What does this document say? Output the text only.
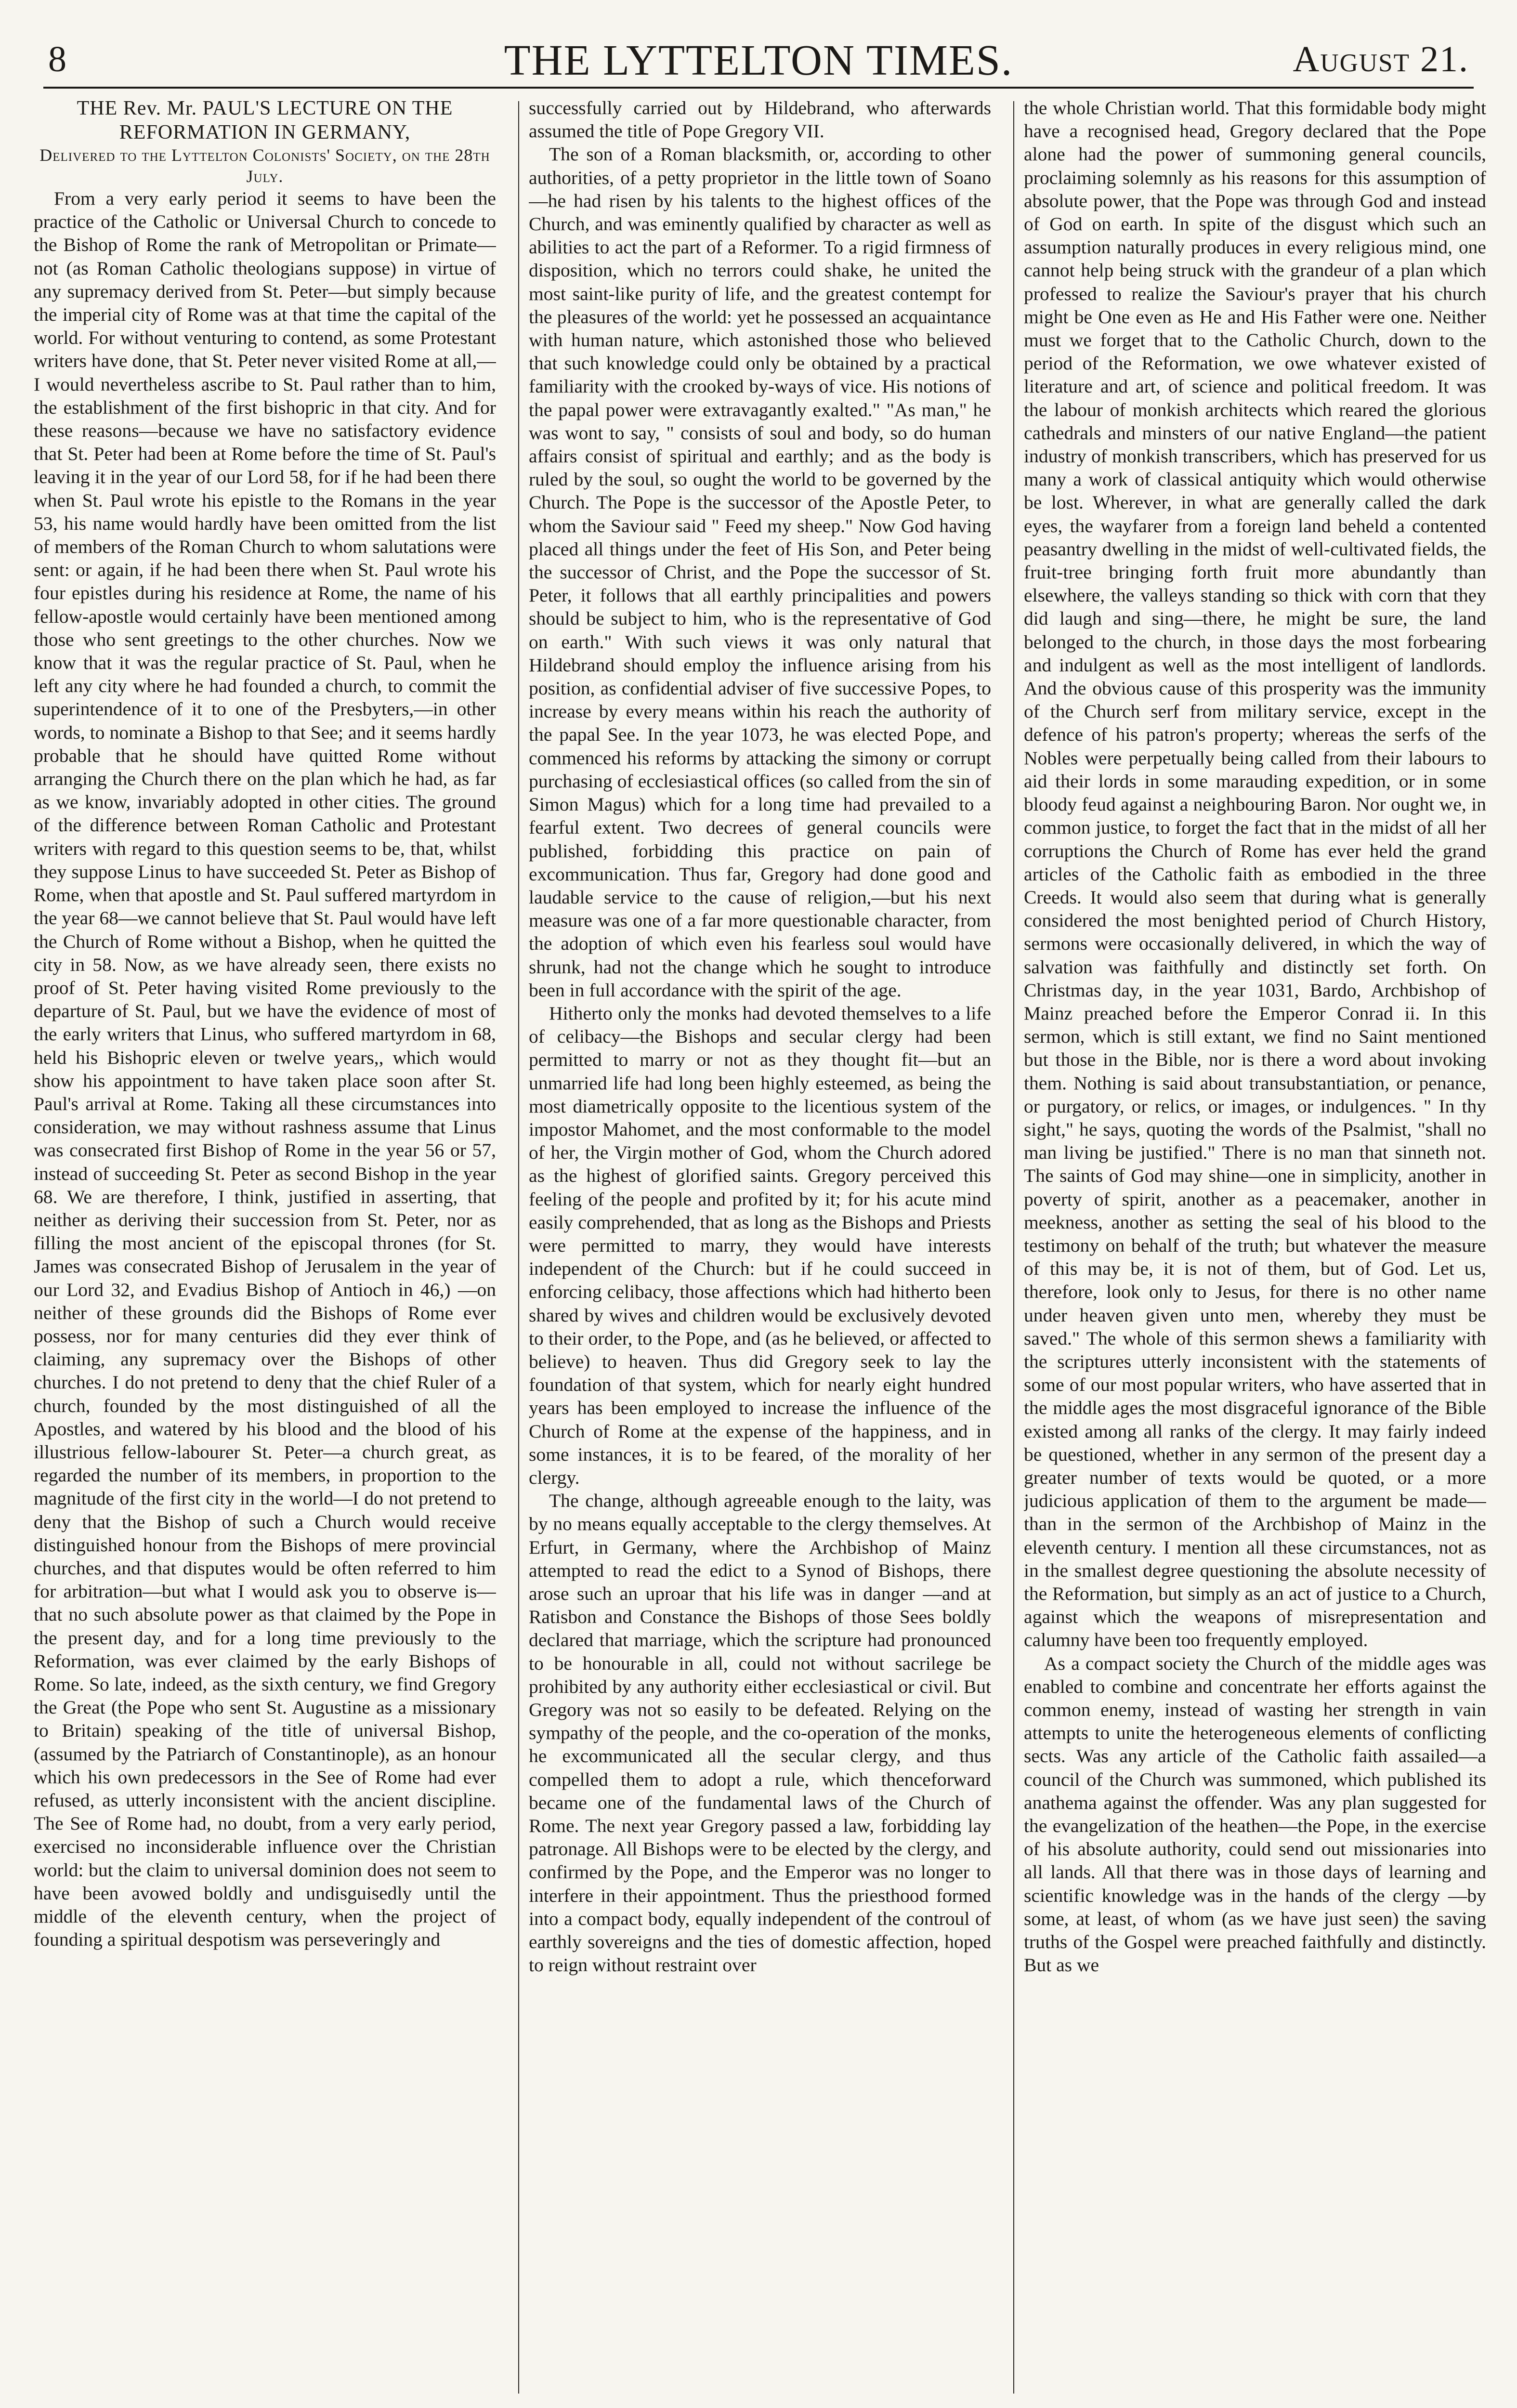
8	THE LYTTELTON TIMES.	August 21.

THE Rev. Mr. PAUL'S LECTURE ON THE REFORMATION IN GERMANY,

Delivered to the Lyttelton Colonists' Society, on the 28th July.

From a very early period it seems to have been the practice of the Catholic or Universal Church to concede to the Bishop of Rome the rank of Metropolitan or Primate—not (as Roman Catholic theologians suppose) in virtue of any supremacy derived from St. Peter—but simply because the imperial city of Rome was at that time the capital of the world. For without venturing to contend, as some Protestant writers have done, that St. Peter never visited Rome at all,—I would nevertheless ascribe to St. Paul rather than to him, the establishment of the first bishopric in that city. And for these reasons—because we have no satisfactory evidence that St. Peter had been at Rome before the time of St. Paul's leaving it in the year of our Lord 58, for if he had been there when St. Paul wrote his epistle to the Romans in the year 53, his name would hardly have been omitted from the list of members of the Roman Church to whom salutations were sent: or again, if he had been there when St. Paul wrote his four epistles during his residence at Rome, the name of his fellow-apostle would certainly have been mentioned among those who sent greetings to the other churches. Now we know that it was the regular practice of St. Paul, when he left any city where he had founded a church, to commit the superintendence of it to one of the Presbyters,—in other words, to nominate a Bishop to that See; and it seems hardly probable that he should have quitted Rome without arranging the Church there on the plan which he had, as far as we know, invariably adopted in other cities. The ground of the difference between Roman Catholic and Protestant writers with regard to this question seems to be, that, whilst they suppose Linus to have succeeded St. Peter as Bishop of Rome, when that apostle and St. Paul suffered martyrdom in the year 68—we cannot believe that St. Paul would have left the Church of Rome without a Bishop, when he quitted the city in 58. Now, as we have already seen, there exists no proof of St. Peter having visited Rome previously to the departure of St. Paul, but we have the evidence of most of the early writers that Linus, who suffered martyrdom in 68, held his Bishopric eleven or twelve years,, which would show his appointment to have taken place soon after St. Paul's arrival at Rome. Taking all these circumstances into consideration, we may without rashness assume that Linus was consecrated first Bishop of Rome in the year 56 or 57, instead of succeeding St. Peter as second Bishop in the year 68. We are therefore, I think, justified in asserting, that neither as deriving their succession from St. Peter, nor as filling the most ancient of the episcopal thrones (for St. James was consecrated Bishop of Jerusalem in the year of our Lord 32, and Evadius Bishop of Antioch in 46,) —on neither of these grounds did the Bishops of Rome ever possess, nor for many centuries did they ever think of claiming, any supremacy over the Bishops of other churches. I do not pretend to deny that the chief Ruler of a church, founded by the most distinguished of all the Apostles, and watered by his blood and the blood of his illustrious fellow-labourer St. Peter—a church great, as regarded the number of its members, in proportion to the magnitude of the first city in the world—I do not pretend to deny that the Bishop of such a Church would receive distinguished honour from the Bishops of mere provincial churches, and that disputes would be often referred to him for arbitration—but what I would ask you to observe is—that no such absolute power as that claimed by the Pope in the present day, and for a long time previously to the Reformation, was ever claimed by the early Bishops of Rome. So late, indeed, as the sixth century, we find Gregory the Great (the Pope who sent St. Augustine as a missionary to Britain) speaking of the title of universal Bishop, (assumed by the Patriarch of Constantinople), as an honour which his own predecessors in the See of Rome had ever refused, as utterly inconsistent with the ancient discipline. The See of Rome had, no doubt, from a very early period, exercised no inconsiderable influence over the Christian world: but the claim to universal dominion does not seem to have been avowed boldly and undisguisedly until the middle of the eleventh century, when the project of founding a spiritual despotism was perseveringly and

successfully carried out by Hildebrand, who afterwards assumed the title of Pope Gregory VII.

The son of a Roman blacksmith, or, according to other authorities, of a petty proprietor in the little town of Soano—he had risen by his talents to the highest offices of the Church, and was eminently qualified by character as well as abilities to act the part of a Reformer. To a rigid firmness of disposition, which no terrors could shake, he united the most saint-like purity of life, and the greatest contempt for the pleasures of the world: yet he possessed an acquaintance with human nature, which astonished those who believed that such knowledge could only be obtained by a practical familiarity with the crooked by-ways of vice. His notions of the papal power were extravagantly exalted." "As man," he was wont to say, " consists of soul and body, so do human affairs consist of spiritual and earthly; and as the body is ruled by the soul, so ought the world to be governed by the Church. The Pope is the successor of the Apostle Peter, to whom the Saviour said " Feed my sheep." Now God having placed all things under the feet of His Son, and Peter being the successor of Christ, and the Pope the successor of St. Peter, it follows that all earthly principalities and powers should be subject to him, who is the representative of God on earth." With such views it was only natural that Hildebrand should employ the influence arising from his position, as confidential adviser of five successive Popes, to increase by every means within his reach the authority of the papal See. In the year 1073, he was elected Pope, and commenced his reforms by attacking the simony or corrupt purchasing of ecclesiastical offices (so called from the sin of Simon Magus) which for a long time had prevailed to a fearful extent. Two decrees of general councils were published, forbidding this practice on pain of excommunication. Thus far, Gregory had done good and laudable service to the cause of religion,—but his next measure was one of a far more questionable character, from the adoption of which even his fearless soul would have shrunk, had not the change which he sought to introduce been in full accordance with the spirit of the age.

Hitherto only the monks had devoted themselves to a life of celibacy—the Bishops and secular clergy had been permitted to marry or not as they thought fit—but an unmarried life had long been highly esteemed, as being the most diametrically opposite to the licentious system of the impostor Mahomet, and the most conformable to the model of her, the Virgin mother of God, whom the Church adored as the highest of glorified saints. Gregory perceived this feeling of the people and profited by it; for his acute mind easily comprehended, that as long as the Bishops and Priests were permitted to marry, they would have interests independent of the Church: but if he could succeed in enforcing celibacy, those affections which had hitherto been shared by wives and children would be exclusively devoted to their order, to the Pope, and (as he believed, or affected to believe) to heaven. Thus did Gregory seek to lay the foundation of that system, which for nearly eight hundred years has been employed to increase the influence of the Church of Rome at the expense of the happiness, and in some instances, it is to be feared, of the morality of her clergy.

The change, although agreeable enough to the laity, was by no means equally acceptable to the clergy themselves. At Erfurt, in Germany, where the Archbishop of Mainz attempted to read the edict to a Synod of Bishops, there arose such an uproar that his life was in danger —and at Ratisbon and Constance the Bishops of those Sees boldly declared that marriage, which the scripture had pronounced to be honourable in all, could not without sacrilege be prohibited by any authority either ecclesiastical or civil. But Gregory was not so easily to be defeated. Relying on the sympathy of the people, and the co-operation of the monks, he excommunicated all the secular clergy, and thus compelled them to adopt a rule, which thenceforward became one of the fundamental laws of the Church of Rome. The next year Gregory passed a law, forbidding lay patronage. All Bishops were to be elected by the clergy, and confirmed by the Pope, and the Emperor was no longer to interfere in their appointment. Thus the priesthood formed into a compact body, equally independent of the controul of earthly sovereigns and the ties of domestic affection, hoped to reign without restraint over

the whole Christian world. That this formidable body might have a recognised head, Gregory declared that the Pope alone had the power of summoning general councils, proclaiming solemnly as his reasons for this assumption of absolute power, that the Pope was through God and instead of God on earth. In spite of the disgust which such an assumption naturally produces in every religious mind, one cannot help being struck with the grandeur of a plan which professed to realize the Saviour's prayer that his church might be One even as He and His Father were one. Neither must we forget that to the Catholic Church, down to the period of the Reformation, we owe whatever existed of literature and art, of science and political freedom. It was the labour of monkish architects which reared the glorious cathedrals and minsters of our native England—the patient industry of monkish transcribers, which has preserved for us many a work of classical antiquity which would otherwise be lost. Wherever, in what are generally called the dark eyes, the wayfarer from a foreign land beheld a contented peasantry dwelling in the midst of well-cultivated fields, the fruit-tree bringing forth fruit more abundantly than elsewhere, the valleys standing so thick with corn that they did laugh and sing—there, he might be sure, the land belonged to the church, in those days the most forbearing and indulgent as well as the most intelligent of landlords. And the obvious cause of this prosperity was the immunity of the Church serf from military service, except in the defence of his patron's property; whereas the serfs of the Nobles were perpetually being called from their labours to aid their lords in some marauding expedition, or in some bloody feud against a neighbouring Baron. Nor ought we, in common justice, to forget the fact that in the midst of all her corruptions the Church of Rome has ever held the grand articles of the Catholic faith as embodied in the three Creeds. It would also seem that during what is generally considered the most benighted period of Church History, sermons were occasionally delivered, in which the way of salvation was faithfully and distinctly set forth. On Christmas day, in the year 1031, Bardo, Archbishop of Mainz preached before the Emperor Conrad ii. In this sermon, which is still extant, we find no Saint mentioned but those in the Bible, nor is there a word about invoking them. Nothing is said about transubstantiation, or penance, or purgatory, or relics, or images, or indulgences. " In thy sight," he says, quoting the words of the Psalmist, "shall no man living be justified." There is no man that sinneth not. The saints of God may shine—one in simplicity, another in poverty of spirit, another as a peacemaker, another in meekness, another as setting the seal of his blood to the testimony on behalf of the truth; but whatever the measure of this may be, it is not of them, but of God. Let us, therefore, look only to Jesus, for there is no other name under heaven given unto men, whereby they must be saved." The whole of this sermon shews a familiarity with the scriptures utterly inconsistent with the statements of some of our most popular writers, who have asserted that in the middle ages the most disgraceful ignorance of the Bible existed among all ranks of the clergy. It may fairly indeed be questioned, whether in any sermon of the present day a greater number of texts would be quoted, or a more judicious application of them to the argument be made—than in the sermon of the Archbishop of Mainz in the eleventh century. I mention all these circumstances, not as in the smallest degree questioning the absolute necessity of the Reformation, but simply as an act of justice to a Church, against which the weapons of misrepresentation and calumny have been too frequently employed.

As a compact society the Church of the middle ages was enabled to combine and concentrate her efforts against the common enemy, instead of wasting her strength in vain attempts to unite the heterogeneous elements of conflicting sects. Was any article of the Catholic faith assailed—a council of the Church was summoned, which published its anathema against the offender. Was any plan suggested for the evangelization of the heathen—the Pope, in the exercise of his absolute authority, could send out missionaries into all lands. All that there was in those days of learning and scientific knowledge was in the hands of the clergy —by some, at least, of whom (as we have just seen) the saving truths of the Gospel were preached faithfully and distinctly. But as we
